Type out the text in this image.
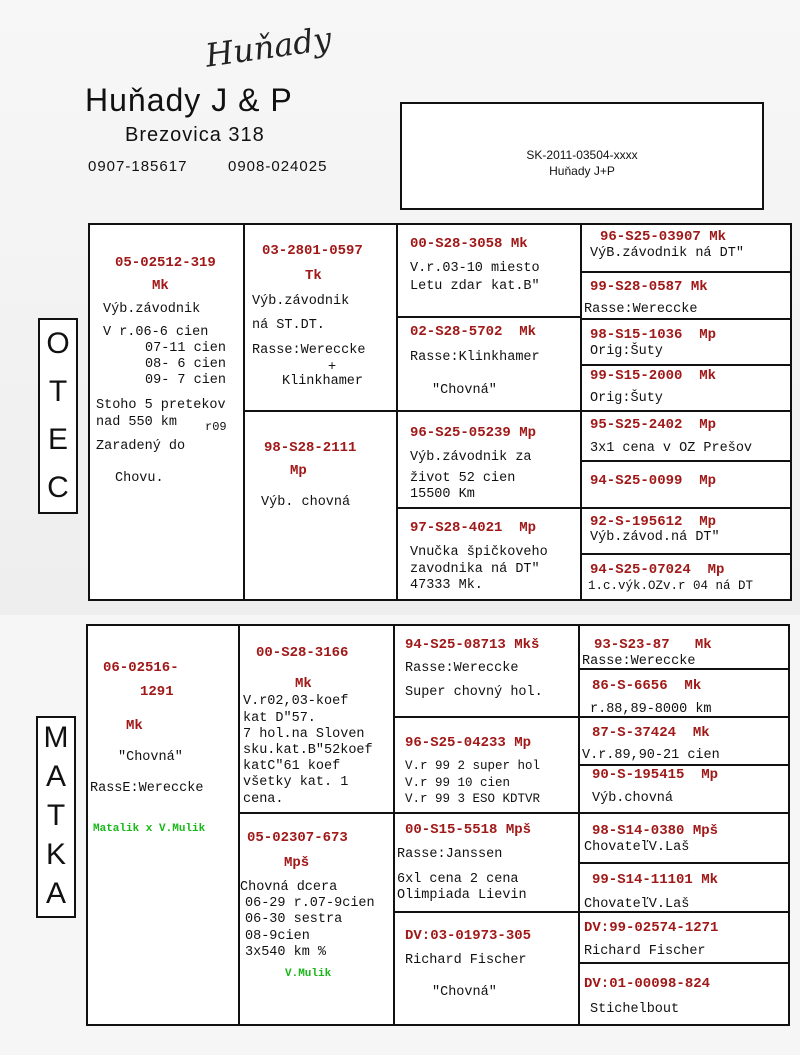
Huňady
Huňady J & P
Brezovica 318
0907-185617	0908-024025
SK-2011-03504-xxxx
Huňady J+P
O
T
E
C
05-02512-319
Mk
Výb.závodnik
V r.06-6 cien
07-11 cien
08- 6 cien
09- 7 cien
Stoho 5 pretekov
nad 550 km r09
Zaradený do
Chovu.
03-2801-0597
Tk
Výb.závodnik
ná ST.DT.
Rasse:Wereccke
+
Klinkhamer
98-S28-2111
Mp
Výb. chovná
00-S28-3058 Mk
V.r.03-10 miesto
Letu zdar kat.B"
02-S28-5702  Mk
Rasse:Klinkhamer
"Chovná"
96-S25-05239 Mp
Výb.závodnik za
život 52 cien
15500 Km
97-S28-4021  Mp
Vnučka špičkoveho
zavodnika ná DT"
47333 Mk.
96-S25-03907 Mk
VýB.závodnik ná DT"
99-S28-0587 Mk
Rasse:Wereccke
98-S15-1036  Mp
Orig:Šuty
99-S15-2000  Mk
Orig:Šuty
95-S25-2402  Mp
3x1 cena v OZ Prešov
94-S25-0099  Mp
92-S-195612  Mp
Výb.závod.ná DT"
94-S25-07024  Mp
1.c.výk.OZv.r 04 ná DT
M
A
T
K
A
06-02516-
1291
Mk
"Chovná"
RassE:Wereccke
Matalik x V.Mulik
V.Mulik
00-S28-3166
Mk
V.r02,03-koef
kat D"57.
7 hol.na Sloven
sku.kat.B"52koef
katC"61 koef
všetky kat. 1
cena.
05-02307-673
Mpš
Chovná dcera
06-29 r.07-9cien
06-30 sestra
08-9cien
3x540 km %
94-S25-08713 Mkš
Rasse:Wereccke
Super chovný hol.
96-S25-04233 Mp
V.r 99 2 super hol
V.r 99 10 cien
V.r 99 3 ESO KDTVR
00-S15-5518 Mpš
Rasse:Janssen
6xl cena 2 cena
Olimpiada Lievin
DV:03-01973-305
Richard Fischer
"Chovná"
93-S23-87   Mk
Rasse:Wereccke
86-S-6656  Mk
r.88,89-8000 km
87-S-37424  Mk
V.r.89,90-21 cien
90-S-195415  Mp
Výb.chovná
98-S14-0380 Mpš
ChovateľV.Laš
99-S14-11101 Mk
ChovateľV.Laš
DV:99-02574-1271
Richard Fischer
DV:01-00098-824
Stichelbout
